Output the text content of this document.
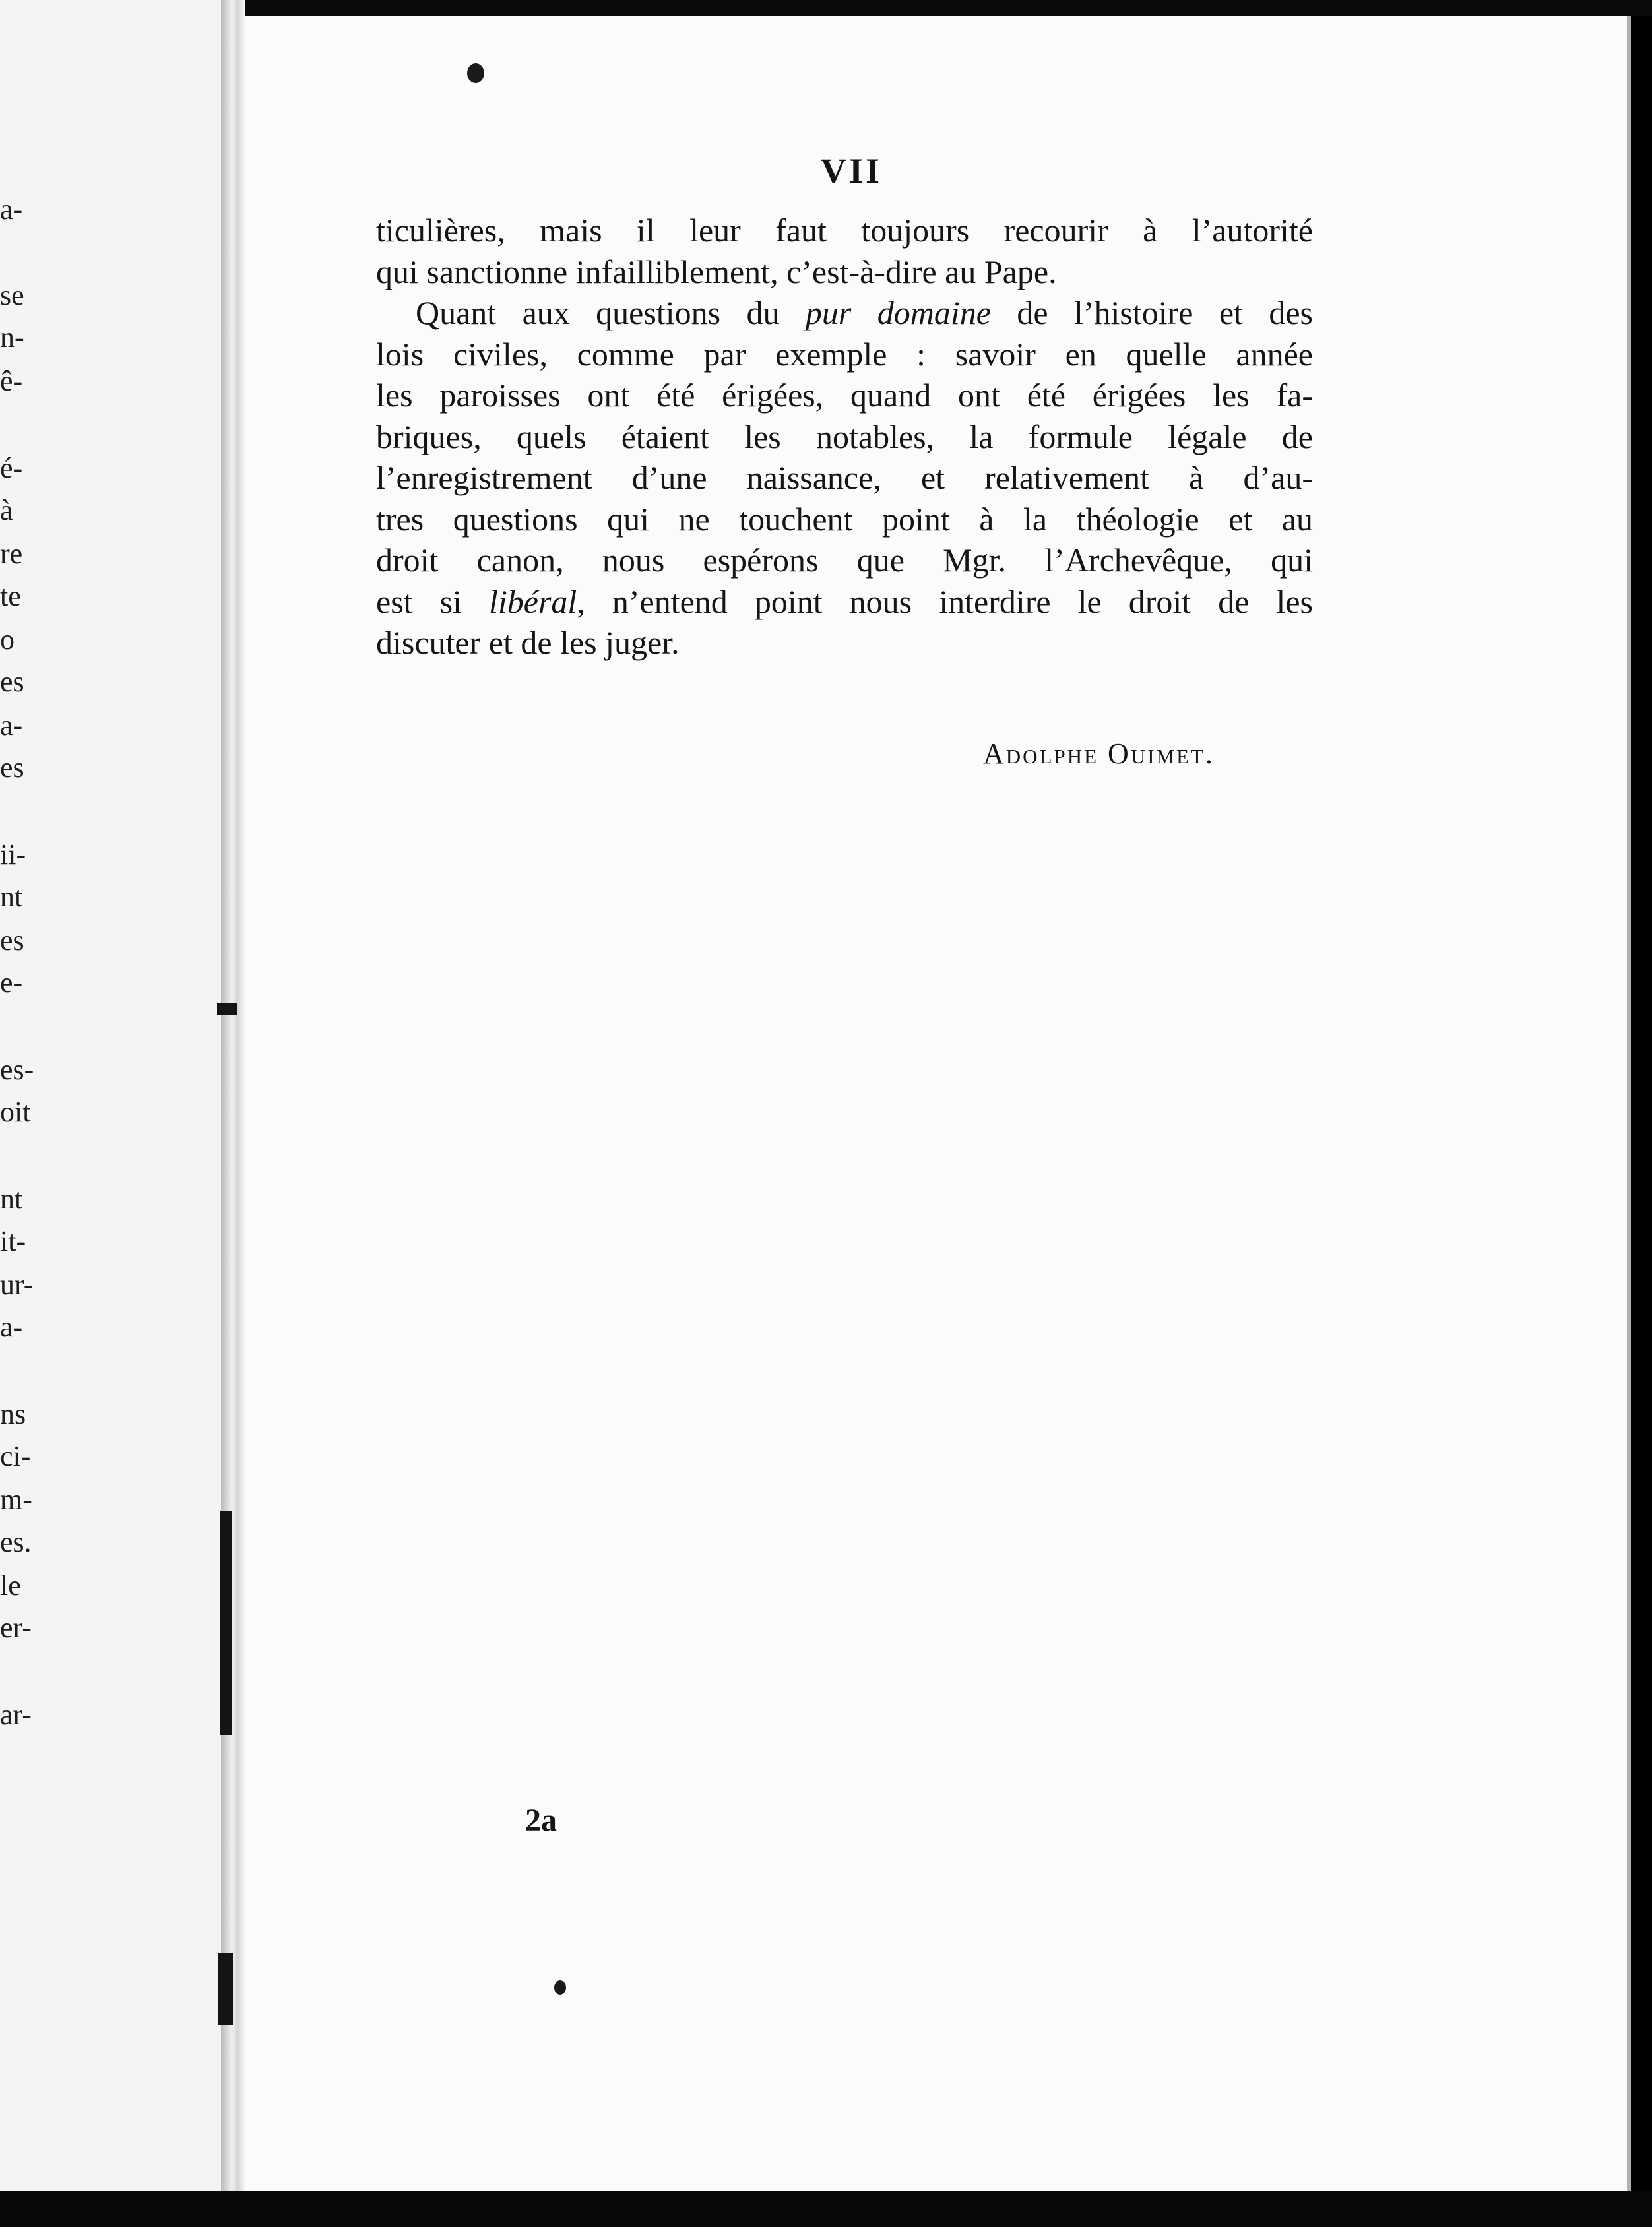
a-
se
n-
ê-
é-
à
re
te
o
es
a-
es
ii-
nt
es
e-
es-
oit
nt
it-
ur-
a-
ns
ci-
m-
es.
le
er-
ar-
VII
ticulières, mais il leur faut toujours recourir à l’autorité
qui sanctionne infailliblement, c’est-à-dire au Pape.
Quant aux questions du pur domaine de l’histoire et des
lois civiles, comme par exemple : savoir en quelle année
les paroisses ont été érigées, quand ont été érigées les fa-
briques, quels étaient les notables, la formule légale de
l’enregistrement d’une naissance, et relativement à d’au-
tres questions qui ne touchent point à la théologie et au
droit canon, nous espérons que Mgr. l’Archevêque, qui
est si libéral, n’entend point nous interdire le droit de les
discuter et de les juger.
Adolphe Ouimet.
2a
